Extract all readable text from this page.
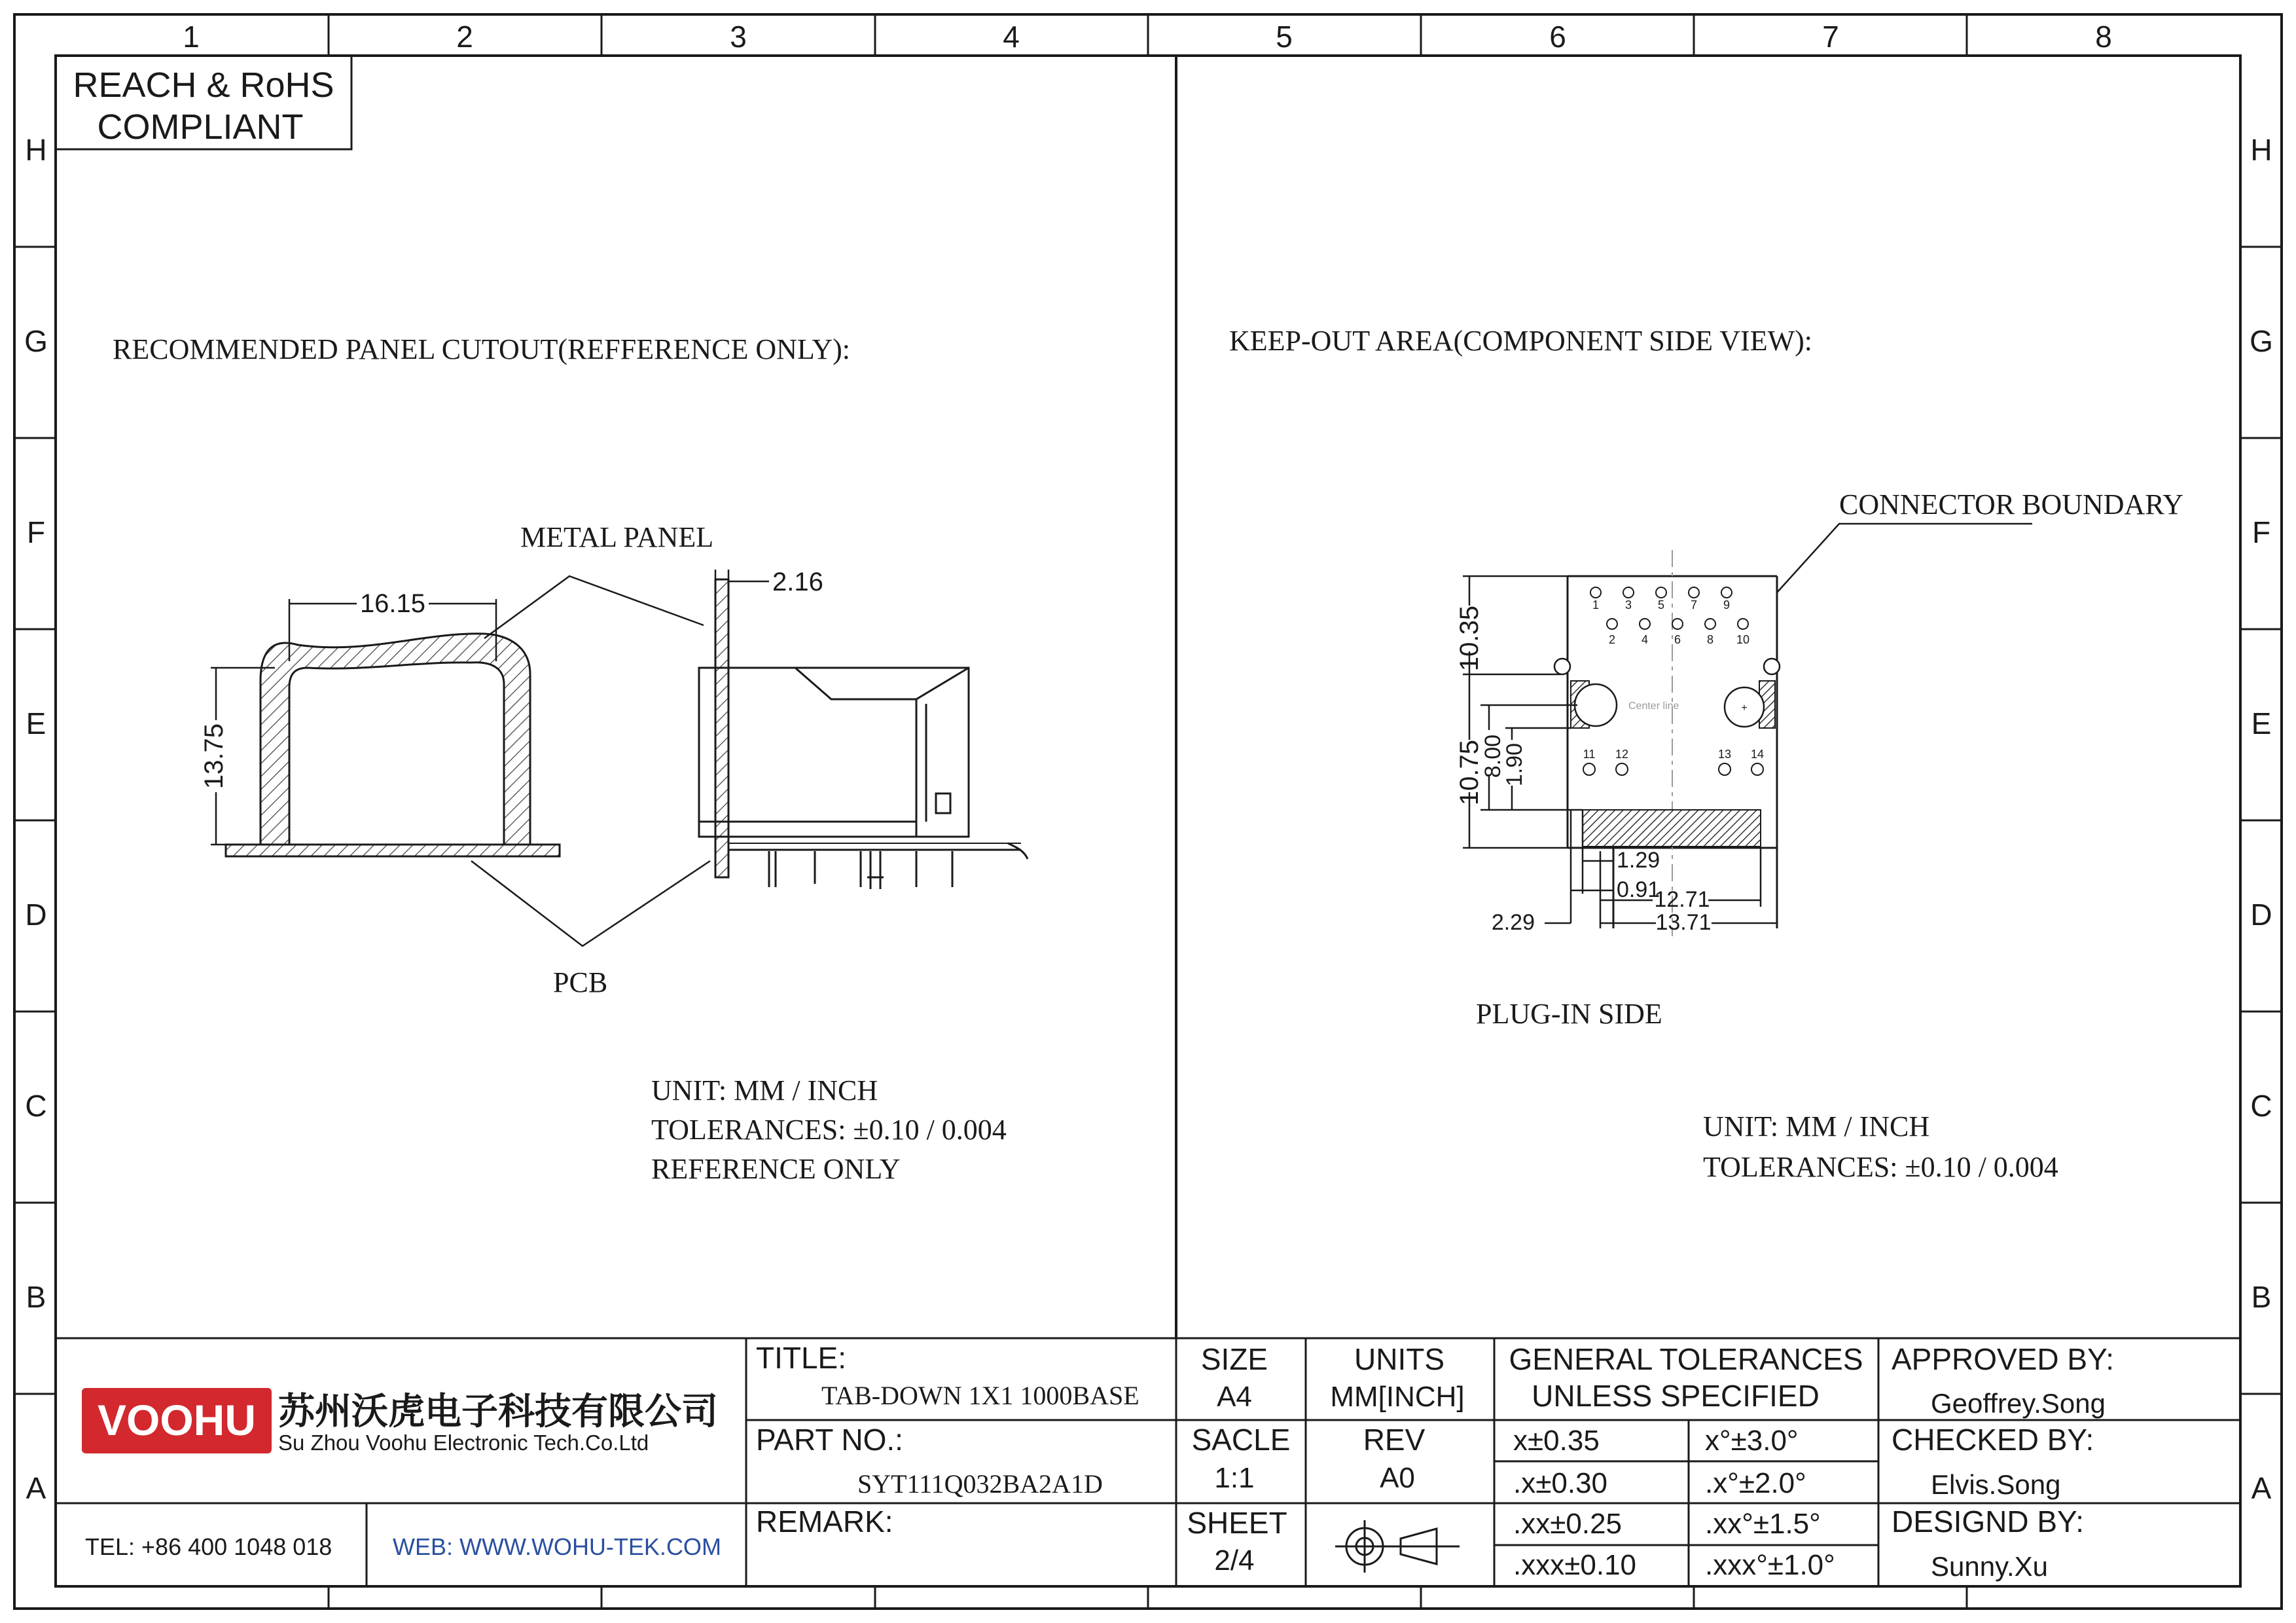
1	2	3	4	5	6	7	8
H
G
F
E
D
C
B
A
H
G
F
E
D
C
B
A
REACH & RoHS
COMPLIANT
RECOMMENDED PANEL CUTOUT(REFFERENCE ONLY):
16.15
13.75
METAL PANEL
PCB
2.16
UNIT: MM / INCH
TOLERANCES: ±0.10 / 0.004
REFERENCE ONLY
KEEP-OUT AREA(COMPONENT SIDE VIEW):
CONNECTOR BOUNDARY
Center line	+
1 3 5 7 9
2 4 6 8 10
11 12	13 14
10.35
10.75
8.00
1.90
1.29
0.91
12.71
2.29	13.71
PLUG-IN SIDE
UNIT: MM / INCH
TOLERANCES: ±0.10 / 0.004
VOOHU 苏州沃虎电子科技有限公司
Su Zhou Voohu Electronic Tech.Co.Ltd
TEL: +86 400 1048 018	WEB: WWW.WOHU-TEK.COM
TITLE:
TAB-DOWN 1X1 1000BASE
PART NO.:
SYT111Q032BA2A1D
REMARK:
SIZE
A4
UNITS
MM[INCH]
SACLE
1:1
REV
A0
SHEET
2/4
GENERAL TOLERANCES
UNLESS SPECIFIED
x±0.35	x°±3.0°
.x±0.30	.x°±2.0°
.xx±0.25	.xx°±1.5°
.xxx±0.10 .xxx°±1.0°
APPROVED BY:
Geoffrey.Song
CHECKED BY:
Elvis.Song
DESIGND BY:
Sunny.Xu
